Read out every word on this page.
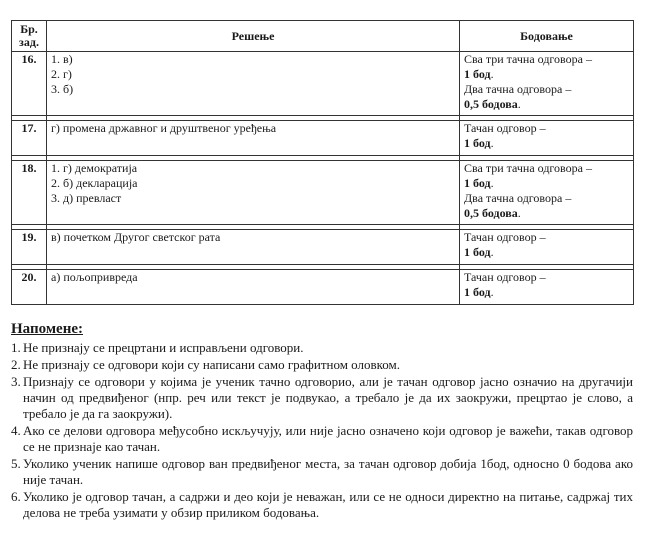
Бр. зад.	Решење	Бодовање
16.	1. в)
2. г)
3. б)	Сва три тачна одговора –
1 бод.
Два тачна одговора –
0,5 бодова.

17.	г) промена државног и друштвеног уређења	Тачан одговор –
1 бод.

18.	1. г) демократија
2. б) декларација
3. д) превласт	Сва три тачна одговора –
1 бод.
Два тачна одговора –
0,5 бодова.

19.	в) почетком Другог светског рата	Тачан одговор –
1 бод.

20.	а) пољопривреда	Тачан одговор –
1 бод.
Напомене:
1. Не признају се прецртани и исправљени одговори.
2. Не признају се одговори који су написани само графитном оловком.
3. Признају се одговори у којима је ученик тачно одговорио, али је тачан одговор јасно означио на другачији начин од предвиђеног (нпр. реч или текст је подвукао, а требало је да их заокружи, прецртао је слово, а требало је да га заокружи).
4. Ако се делови одговора међусобно искључују, или није јасно означено који одговор је важећи, такав одговор се не признаје као тачан.
5. Уколико ученик напише одговор ван предвиђеног места, за тачан одговор добија 1бод, односно 0 бодова ако није тачан.
6. Уколико је одговор тачан, а садржи и део који је неважан, или се не односи директно на питање, садржај тих делова не треба узимати у обзир приликом бодовања.
